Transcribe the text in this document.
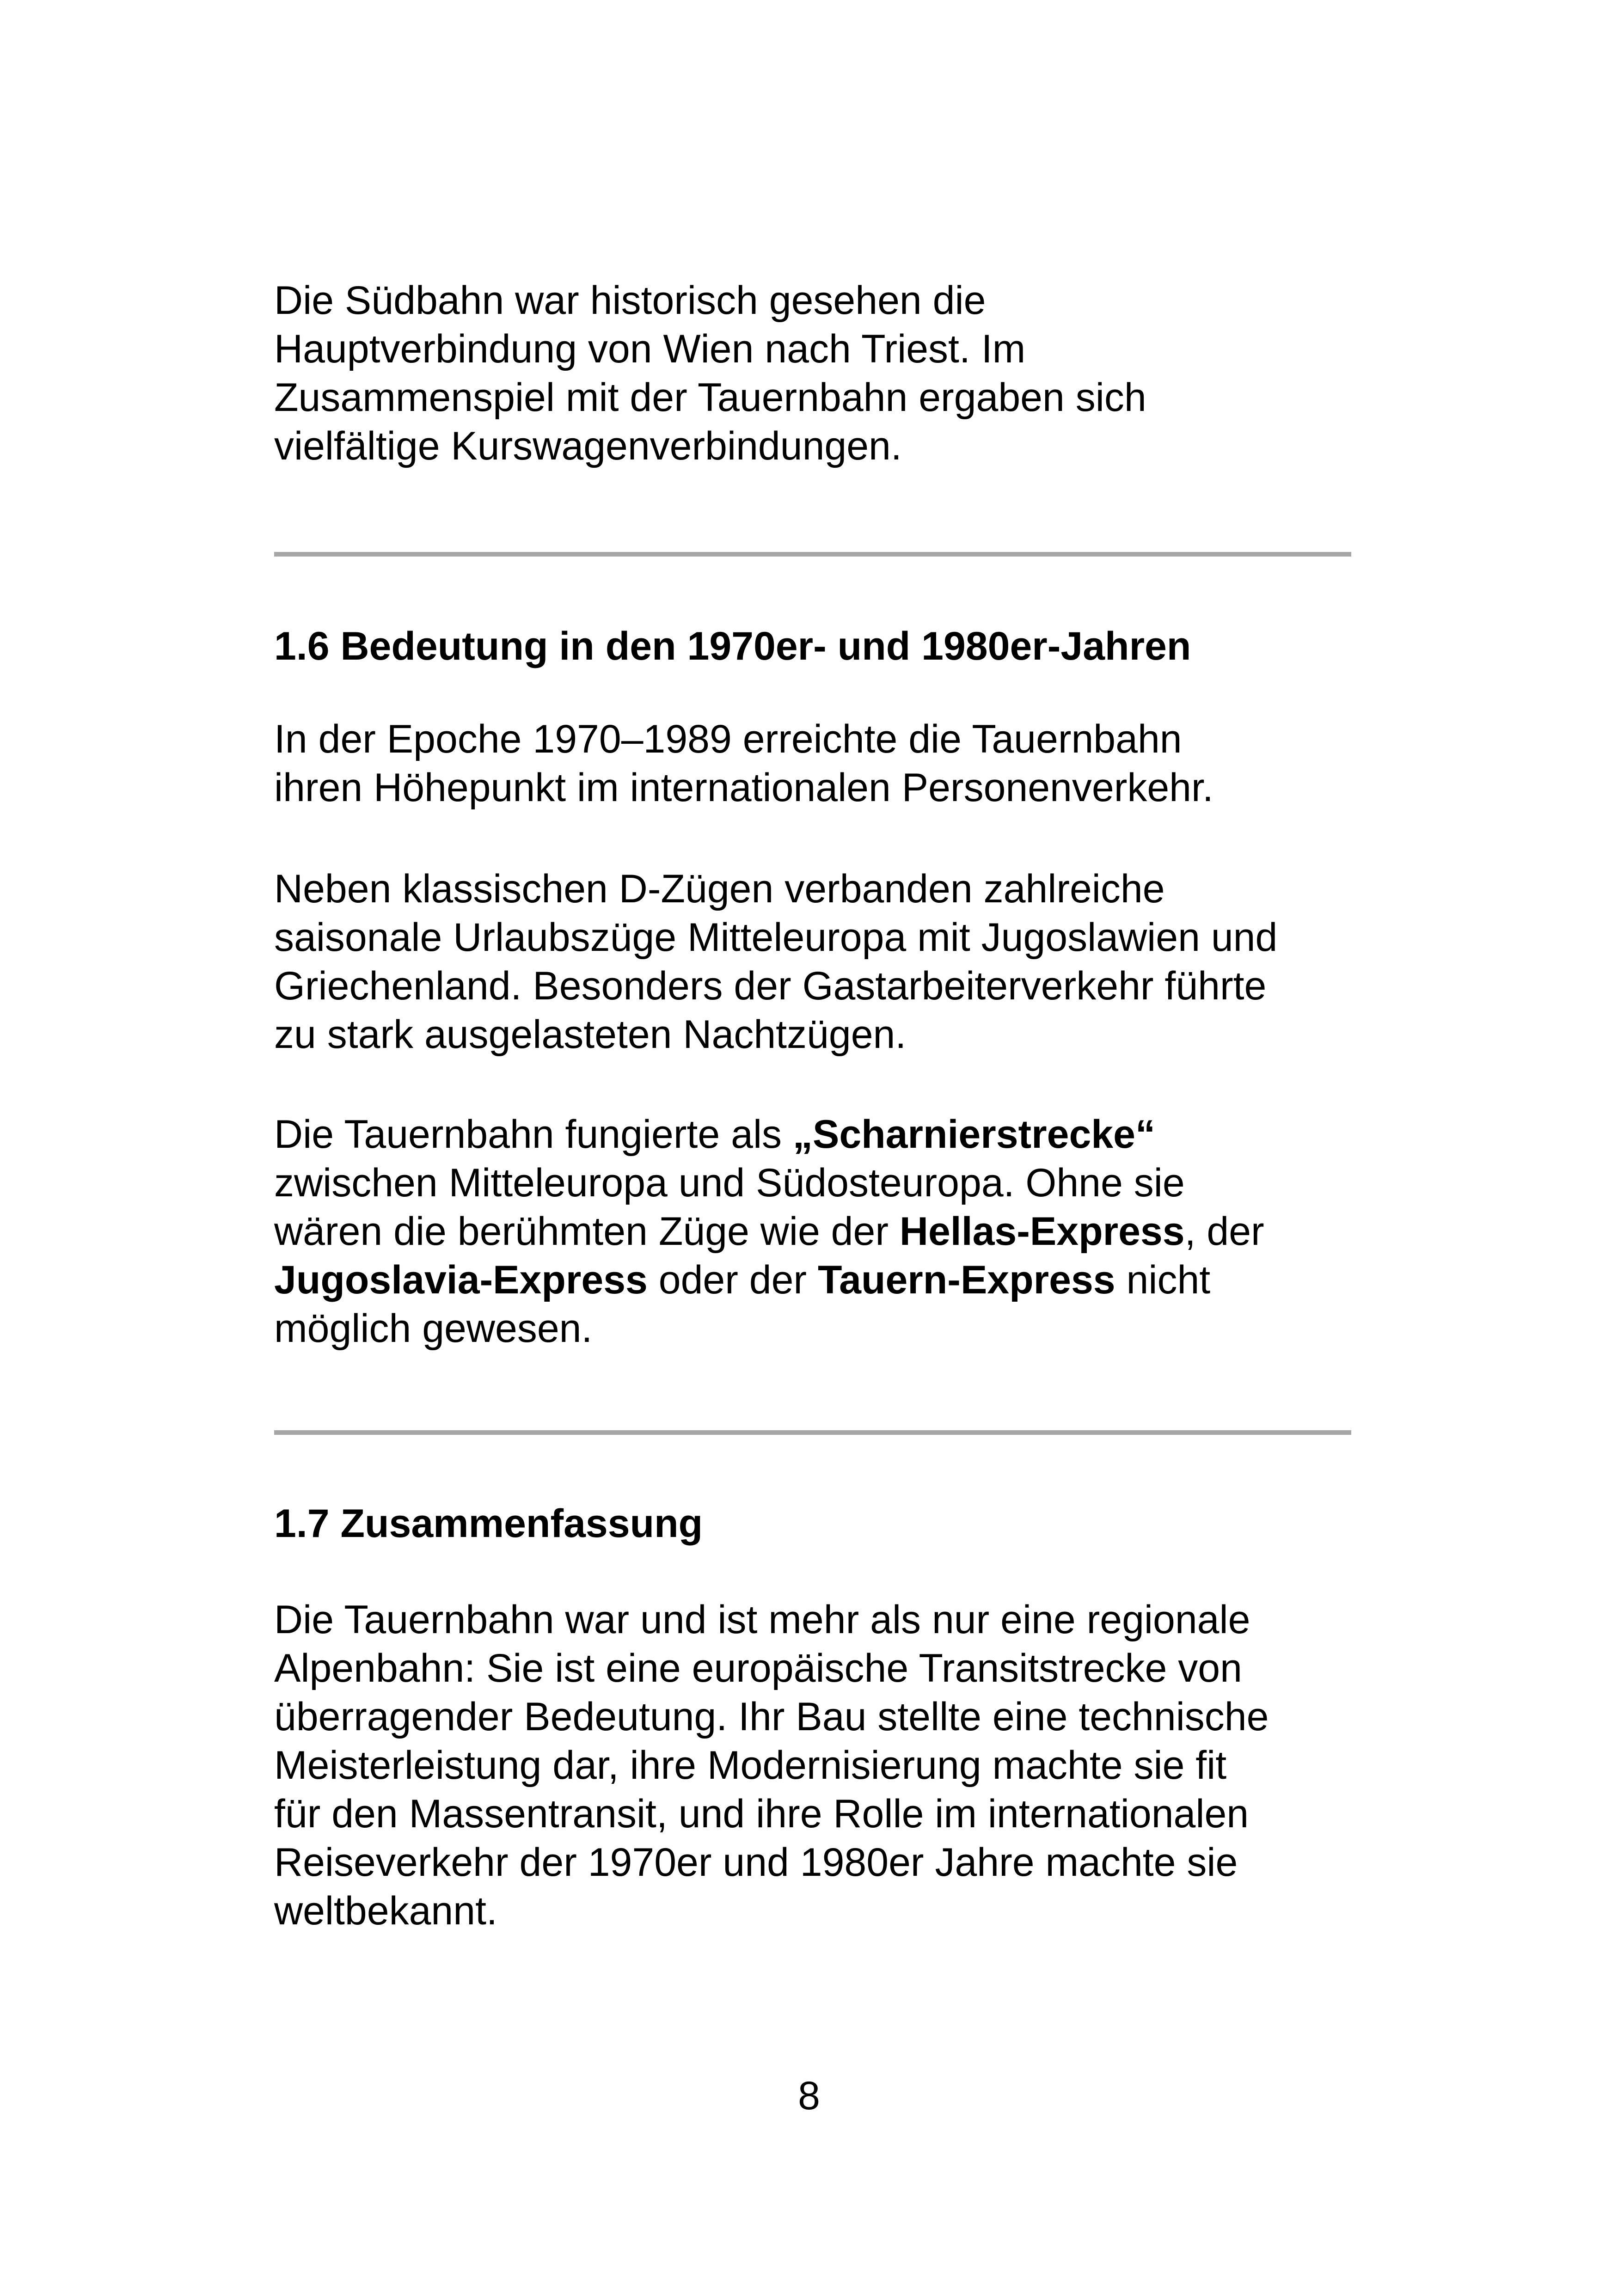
Die Südbahn war historisch gesehen die
Hauptverbindung von Wien nach Triest. Im
Zusammenspiel mit der Tauernbahn ergaben sich
vielfältige Kurswagenverbindungen.
1.6 Bedeutung in den 1970er- und 1980er-Jahren
In der Epoche 1970–1989 erreichte die Tauernbahn
ihren Höhepunkt im internationalen Personenverkehr.
Neben klassischen D-Zügen verbanden zahlreiche
saisonale Urlaubszüge Mitteleuropa mit Jugoslawien und
Griechenland. Besonders der Gastarbeiterverkehr führte
zu stark ausgelasteten Nachtzügen.
Die Tauernbahn fungierte als „Scharnierstrecke“
zwischen Mitteleuropa und Südosteuropa. Ohne sie
wären die berühmten Züge wie der Hellas-Express, der
Jugoslavia-Express oder der Tauern-Express nicht
möglich gewesen.
1.7 Zusammenfassung
Die Tauernbahn war und ist mehr als nur eine regionale
Alpenbahn: Sie ist eine europäische Transitstrecke von
überragender Bedeutung. Ihr Bau stellte eine technische
Meisterleistung dar, ihre Modernisierung machte sie fit
für den Massentransit, und ihre Rolle im internationalen
Reiseverkehr der 1970er und 1980er Jahre machte sie
weltbekannt.

8
